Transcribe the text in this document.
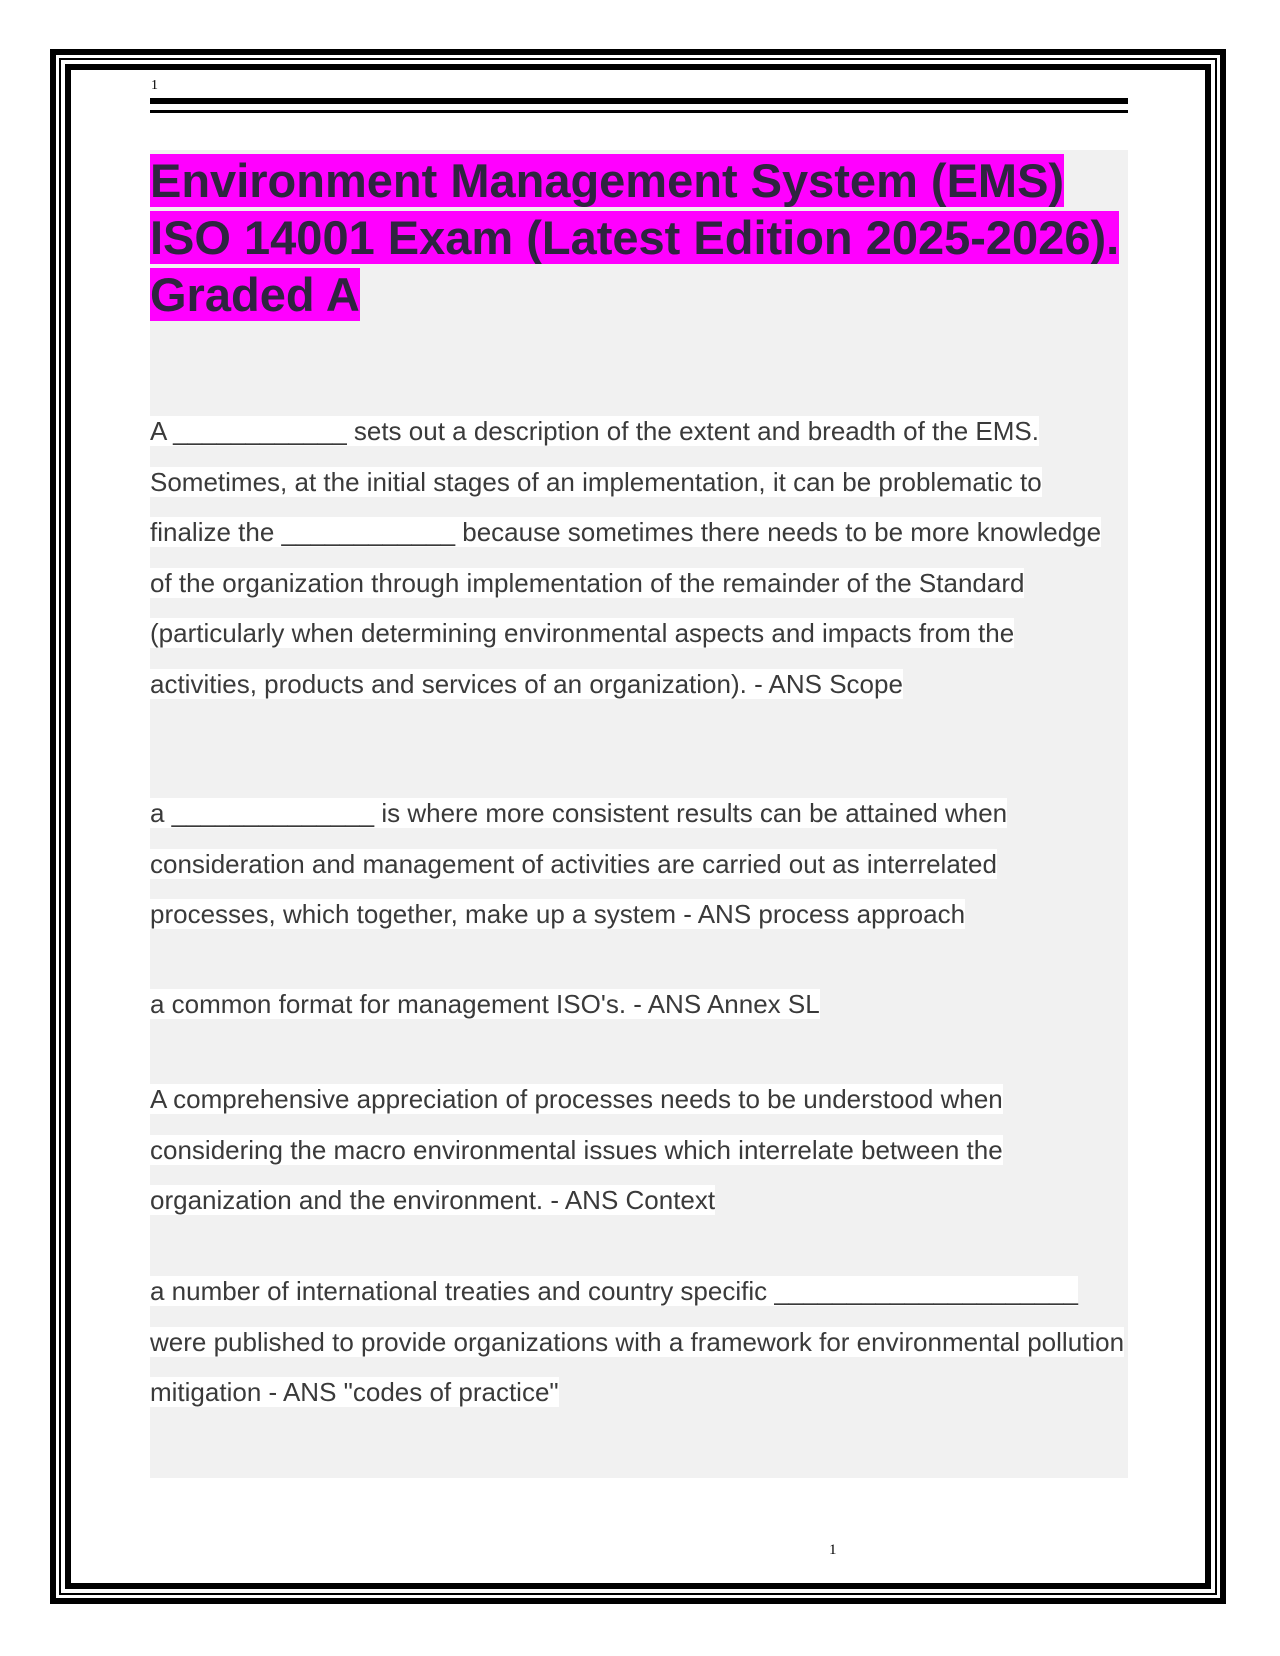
1
Environment Management System (EMS) ISO 14001 Exam (Latest Edition 2025-2026). Graded A

A ____________ sets out a description of the extent and breadth of the EMS. Sometimes, at the initial stages of an implementation, it can be problematic to finalize the ____________ because sometimes there needs to be more knowledge of the organization through implementation of the remainder of the Standard (particularly when determining environmental aspects and impacts from the activities, products and services of an organization). - ANS Scope

a ______________ is where more consistent results can be attained when consideration and management of activities are carried out as interrelated processes, which together, make up a system - ANS process approach

a common format for management ISO's. - ANS Annex SL

A comprehensive appreciation of processes needs to be understood when considering the macro environmental issues which interrelate between the organization and the environment. - ANS Context

a number of international treaties and country specific _____________________ were published to provide organizations with a framework for environmental pollution mitigation - ANS "codes of practice"

1
